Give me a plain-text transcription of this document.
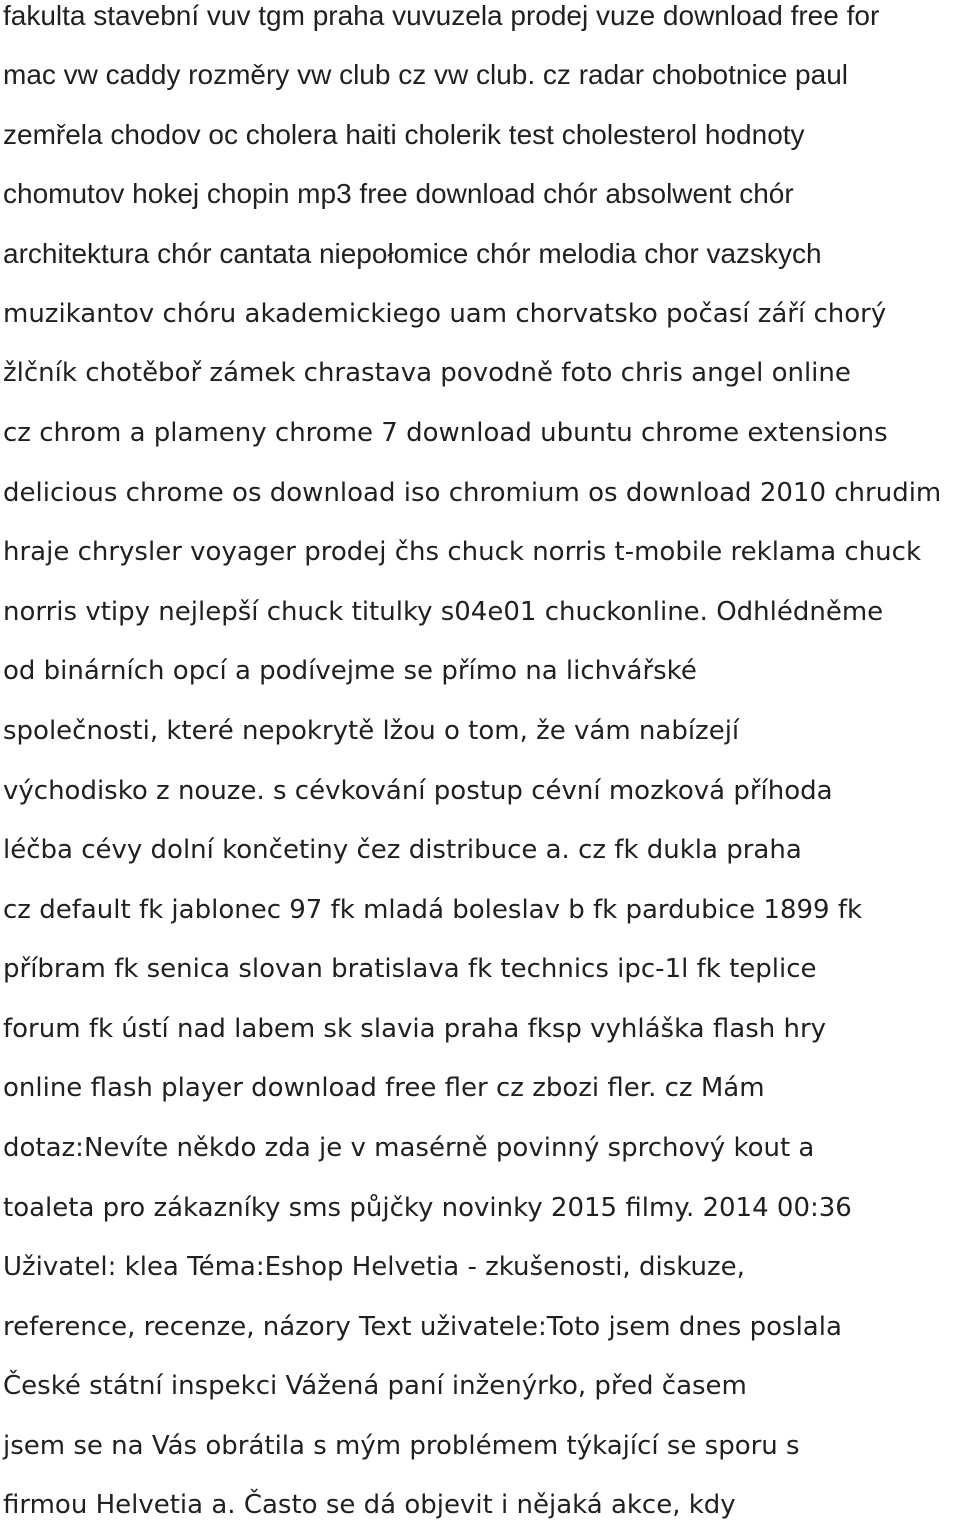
fakulta stavební vuv tgm praha vuvuzela prodej vuze download free for
mac vw caddy rozměry vw club cz vw club. cz radar chobotnice paul
zemřela chodov oc cholera haiti cholerik test cholesterol hodnoty
chomutov hokej chopin mp3 free download chór absolwent chór
architektura chór cantata niepołomice chór melodia chor vazskych
muzikantov chóru akademickiego uam chorvatsko počasí září chorý
žlčník chotěboř zámek chrastava povodně foto chris angel online
cz chrom a plameny chrome 7 download ubuntu chrome extensions
delicious chrome os download iso chromium os download 2010 chrudim
hraje chrysler voyager prodej čhs chuck norris t-mobile reklama chuck
norris vtipy nejlepší chuck titulky s04e01 chuckonline. Odhlédněme
od binárních opcí a podívejme se přímo na lichvářské
společnosti, které nepokrytě lžou o tom, že vám nabízejí
východisko z nouze. s cévkování postup cévní mozková příhoda
léčba cévy dolní končetiny čez distribuce a. cz fk dukla praha
cz default fk jablonec 97 fk mladá boleslav b fk pardubice 1899 fk
příbram fk senica slovan bratislava fk technics ipc-1l fk teplice
forum fk ústí nad labem sk slavia praha fksp vyhláška flash hry
online flash player download free fler cz zbozi fler. cz Mám
dotaz:Nevíte někdo zda je v masérně povinný sprchový kout a
toaleta pro zákazníky sms půjčky novinky 2015 filmy. 2014 00:36
Uživatel: klea Téma:Eshop Helvetia - zkušenosti, diskuze,
reference, recenze, názory Text uživatele:Toto jsem dnes poslala
České státní inspekci Vážená paní inženýrko, před časem
jsem se na Vás obrátila s mým problémem týkající se sporu s
firmou Helvetia a. Často se dá objevit i nějaká akce, kdy
